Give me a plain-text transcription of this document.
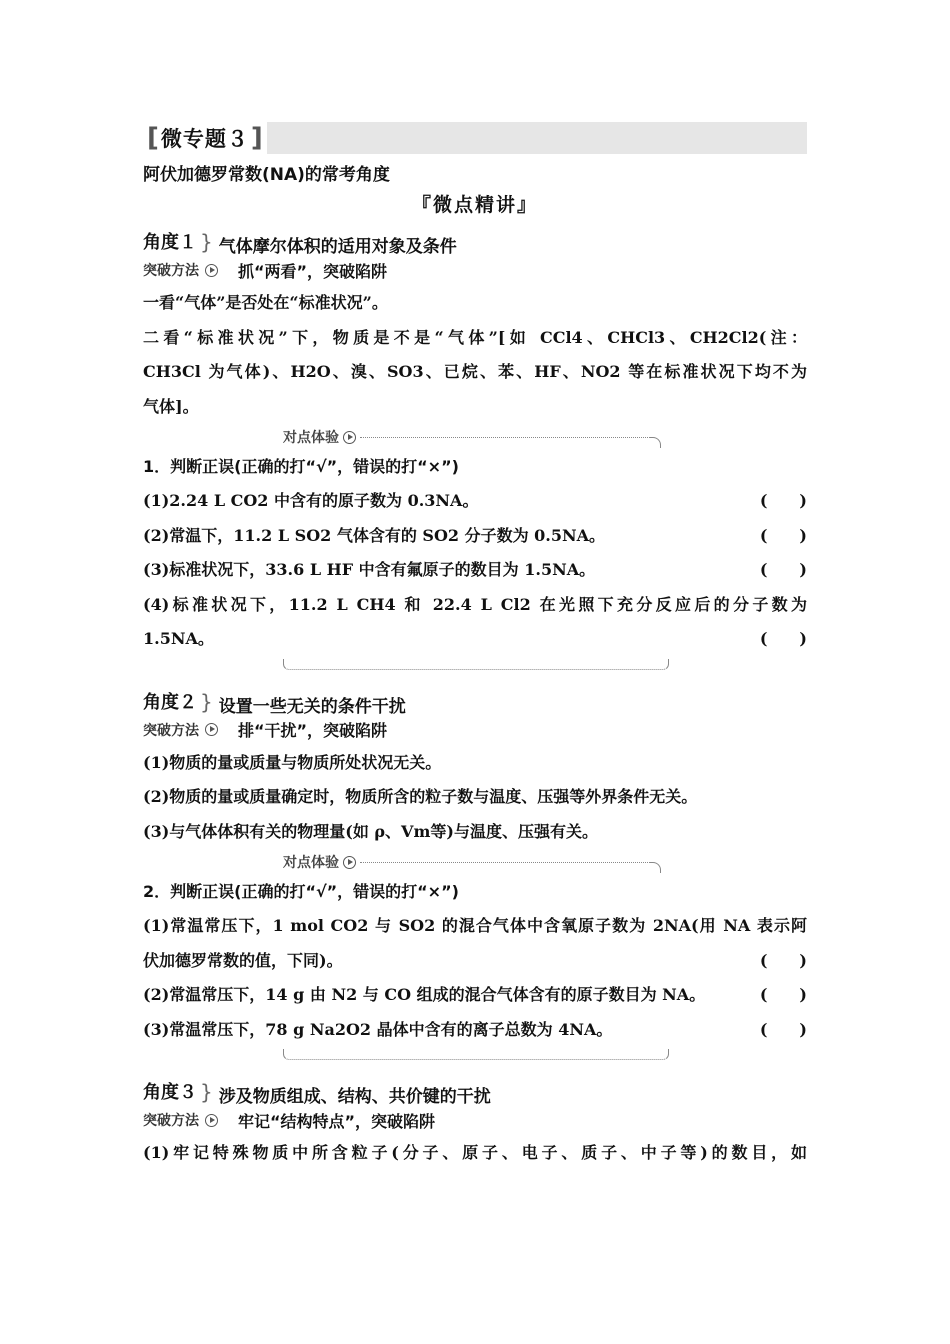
[ 微专题３ ]
阿伏加德罗常数(NA)的常考角度
『微点精讲』
角度１ } 气体摩尔体积的适用对象及条件
突破方法 抓“两看”，突破陷阱
一看“气体”是否处在“标准状况”。
二看“标准状况”下，物质是不是“气体”[如 CCl4、CHCl3、CH2Cl2(注：
CH3Cl 为气体)、H2O、溴、SO3、已烷、苯、HF、NO2 等在标准状况下均不为
气体]。
对点体验
1．判断正误(正确的打“√”，错误的打“×”)
(1)2.24 L CO2 中含有的原子数为 0.3NA。	(　　)
(2)常温下，11.2 L SO2 气体含有的 SO2 分子数为 0.5NA。	(　　)
(3)标准状况下，33.6 L HF 中含有氟原子的数目为 1.5NA。	(　　)
(4)标准状况下，11.2 L CH4 和 22.4 L Cl2 在光照下充分反应后的分子数为
1.5NA。	(　　)
角度２ } 设置一些无关的条件干扰
突破方法 排“干扰”，突破陷阱
(1)物质的量或质量与物质所处状况无关。
(2)物质的量或质量确定时，物质所含的粒子数与温度、压强等外界条件无关。
(3)与气体体积有关的物理量(如 ρ、Vm等)与温度、压强有关。
对点体验
2．判断正误(正确的打“√”，错误的打“×”)
(1)常温常压下，1 mol CO2 与 SO2 的混合气体中含氧原子数为 2NA(用 NA 表示阿
伏加德罗常数的值，下同)。	(　　)
(2)常温常压下，14 g 由 N2 与 CO 组成的混合气体含有的原子数目为 NA。	(　　)
(3)常温常压下，78 g Na2O2 晶体中含有的离子总数为 4NA。	(　　)
角度３ } 涉及物质组成、结构、共价键的干扰
突破方法 牢记“结构特点”，突破陷阱
(1)牢记特殊物质中所含粒子(分子、原子、电子、质子、中子等)的数目，如
